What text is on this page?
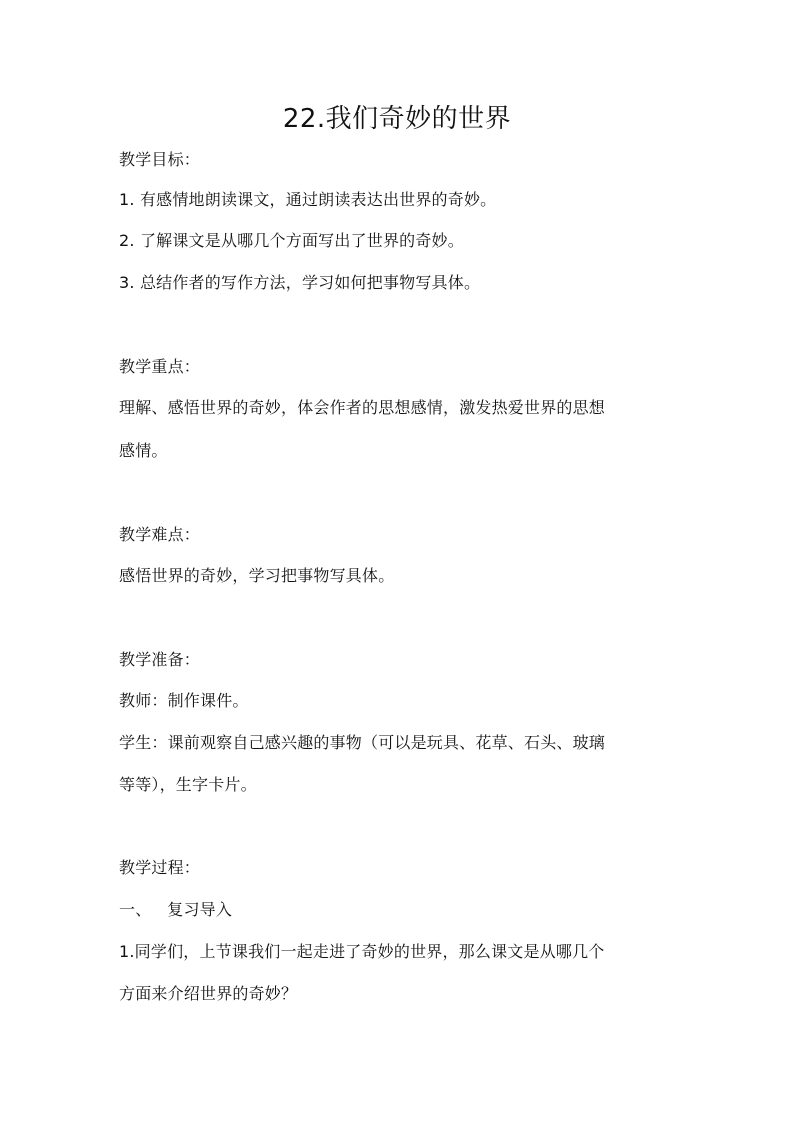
22.我们奇妙的世界
教学目标：
1. 有感情地朗读课文，通过朗读表达出世界的奇妙。
2. 了解课文是从哪几个方面写出了世界的奇妙。
3. 总结作者的写作方法，学习如何把事物写具体。
教学重点：
理解、感悟世界的奇妙，体会作者的思想感情，激发热爱世界的思想
感情。
教学难点：
感悟世界的奇妙，学习把事物写具体。
教学准备：
教师：制作课件。
学生：课前观察自己感兴趣的事物（可以是玩具、花草、石头、玻璃
等等），生字卡片。
教学过程：
一、   复习导入
1.同学们，上节课我们一起走进了奇妙的世界，那么课文是从哪几个
方面来介绍世界的奇妙？
